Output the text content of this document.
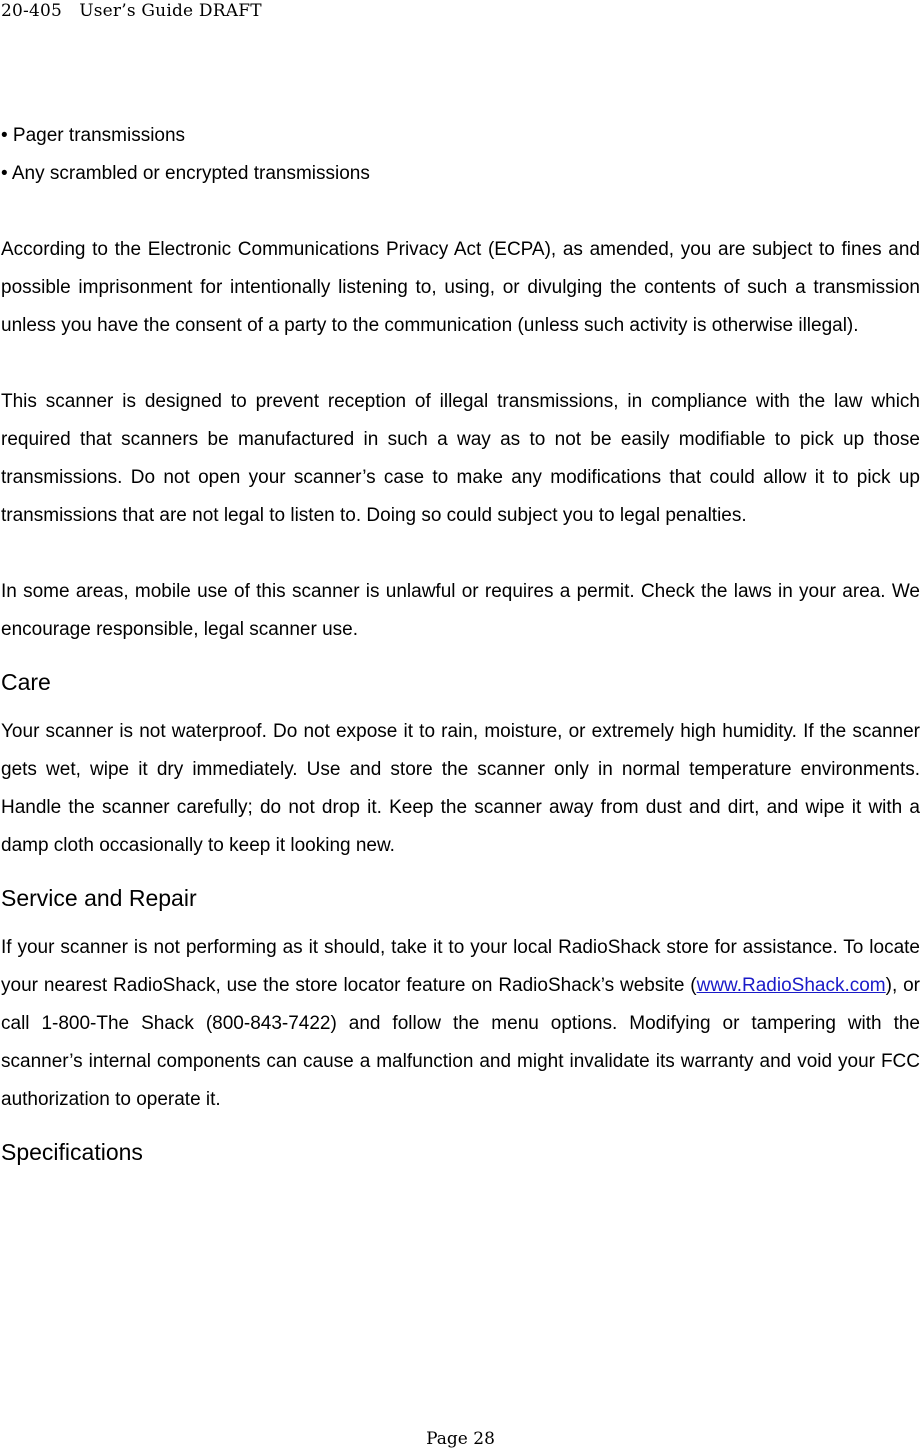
20-405　User’s Guide DRAFT

• Pager transmissions

• Any scrambled or encrypted transmissions

According to the Electronic Communications Privacy Act (ECPA), as amended, you are subject to fines and possible imprisonment for intentionally listening to, using, or divulging the contents of such a transmission unless you have the consent of a party to the communication (unless such activity is otherwise illegal).

This scanner is designed to prevent reception of illegal transmissions, in compliance with the law which required that scanners be manufactured in such a way as to not be easily modifiable to pick up those transmissions. Do not open your scanner’s case to make any modifications that could allow it to pick up transmissions that are not legal to listen to. Doing so could subject you to legal penalties.

In some areas, mobile use of this scanner is unlawful or requires a permit. Check the laws in your area. We encourage responsible, legal scanner use.

Care

Your scanner is not waterproof. Do not expose it to rain, moisture, or extremely high humidity. If the scanner gets wet, wipe it dry immediately. Use and store the scanner only in normal temperature environments. Handle the scanner carefully; do not drop it. Keep the scanner away from dust and dirt, and wipe it with a damp cloth occasionally to keep it looking new.

Service and Repair

If your scanner is not performing as it should, take it to your local RadioShack store for assistance. To locate your nearest RadioShack, use the store locator feature on RadioShack’s website (www.RadioShack.com), or call 1-800-The Shack (800-843-7422) and follow the menu options. Modifying or tampering with the scanner’s internal components can cause a malfunction and might invalidate its warranty and void your FCC authorization to operate it.

Specifications
Page 28
